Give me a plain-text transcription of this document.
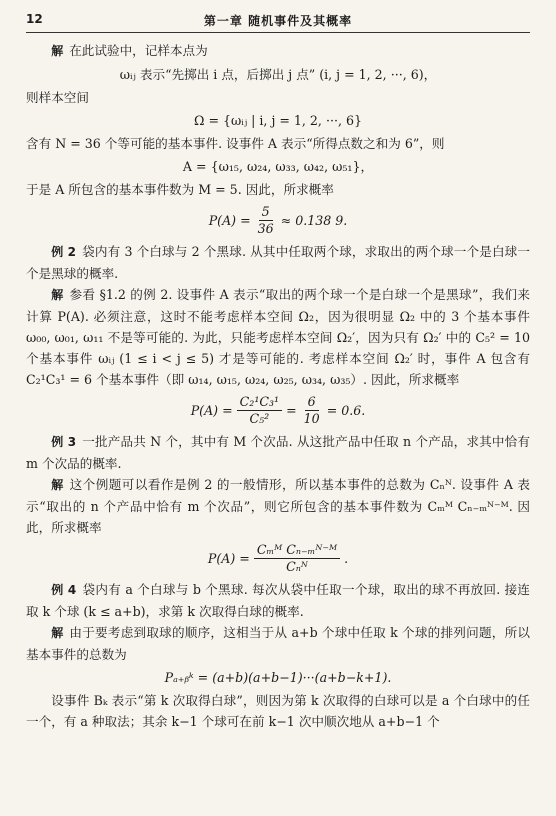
12	第一章 随机事件及其概率

解 在此试验中，记样本点为

ωᵢⱼ 表示“先掷出 i 点，后掷出 j 点” (i, j = 1, 2, ···, 6)，

则样本空间

Ω = {ωᵢⱼ | i, j = 1, 2, ···, 6}

含有 N = 36 个等可能的基本事件. 设事件 A 表示“所得点数之和为 6”，则

A = {ω₁₅, ω₂₄, ω₃₃, ω₄₂, ω₅₁}，

于是 A 所包含的基本事件数为 M = 5. 因此，所求概率

$P(A) = \frac{5}{36} \approx 0.138$ 9.

例 2 袋内有 3 个白球与 2 个黑球. 从其中任取两个球，求取出的两个球一个是白球一个是黑球的概率.

解 参看 §1.2 的例 2. 设事件 A 表示“取出的两个球一个是白球一个是黑球”，我们来计算 P(A). 必须注意，这时不能考虑样本空间 Ω₂，因为很明显 Ω₂ 中的 3 个基本事件 ω₀₀, ω₀₁, ω₁₁ 不是等可能的. 为此，只能考虑样本空间 Ω₂′，因为只有 Ω₂′ 中的 C₅² = 10 个基本事件 ωᵢⱼ (1 ≤ i < j ≤ 5) 才是等可能的. 考虑样本空间 Ω₂′ 时，事件 A 包含有 C₂¹C₃¹ = 6 个基本事件（即 ω₁₄, ω₁₅, ω₂₄, ω₂₅, ω₃₄, ω₃₅）. 因此，所求概率

$P(A) = \frac{\text{C₂¹C₃¹}}{\text{C₅²}} = \frac{6}{10} = 0.6$.

例 3 一批产品共 N 个，其中有 M 个次品. 从这批产品中任取 n 个产品，求其中恰有 m 个次品的概率.

解 这个例题可以看作是例 2 的一般情形，所以基本事件的总数为 Cₙᴺ. 设事件 A 表示“取出的 n 个产品中恰有 m 个次品”，则它所包含的基本事件数为 Cₘᴹ Cₙ₋ₘᴺ⁻ᴹ. 因此，所求概率

$P(A) = \frac{\text{Cₘᴹ Cₙ₋ₘᴺ⁻ᴹ}}{\text{Cₙᴺ}}$ .

例 4 袋内有 a 个白球与 b 个黑球. 每次从袋中任取一个球，取出的球不再放回. 接连取 k 个球 (k ≤ a+b)，求第 k 次取得白球的概率.

解 由于要考虑到取球的顺序，这相当于从 a+b 个球中任取 k 个球的排列问题，所以基本事件的总数为

Pₐ₊ᵦᵏ = (a+b)(a+b−1)···(a+b−k+1).

设事件 Bₖ 表示“第 k 次取得白球”，则因为第 k 次取得的白球可以是 a 个白球中的任一个，有 a 种取法；其余 k−1 个球可在前 k−1 次中顺次地从 a+b−1 个
